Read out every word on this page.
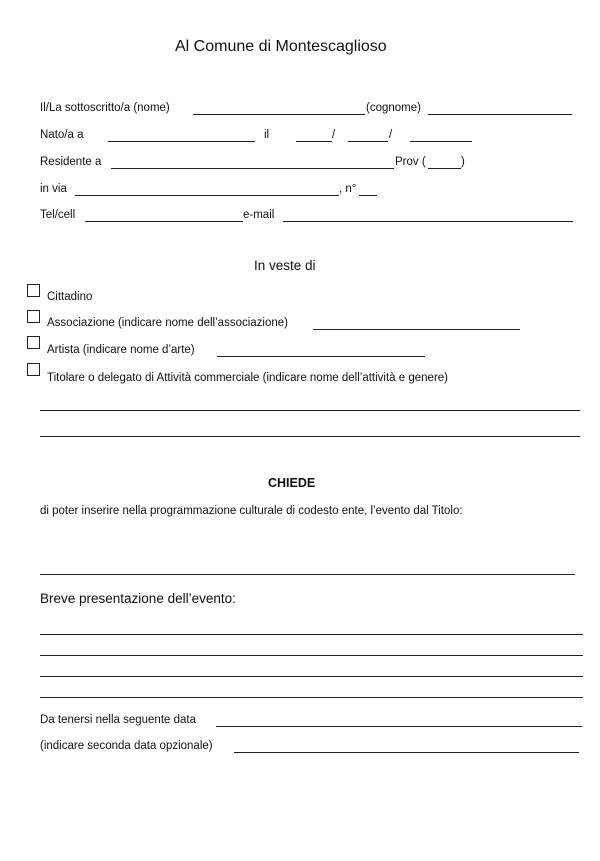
Al Comune di Montescaglioso
Il/La sottoscritto/a (nome)	(cognome)
Nato/a a	il	/	/
Residente a	Prov (	)
in via	, n°
Tel/cell	e-mail
In veste di
Cittadino
Associazione (indicare nome dell’associazione)
Artista (indicare nome d’arte)
Titolare o delegato di Attività commerciale (indicare nome dell’attività e genere)
CHIEDE
di poter inserire nella programmazione culturale di codesto ente, l’evento dal Titolo:
Breve presentazione dell’evento:
Da tenersi nella seguente data
(indicare seconda data opzionale)
